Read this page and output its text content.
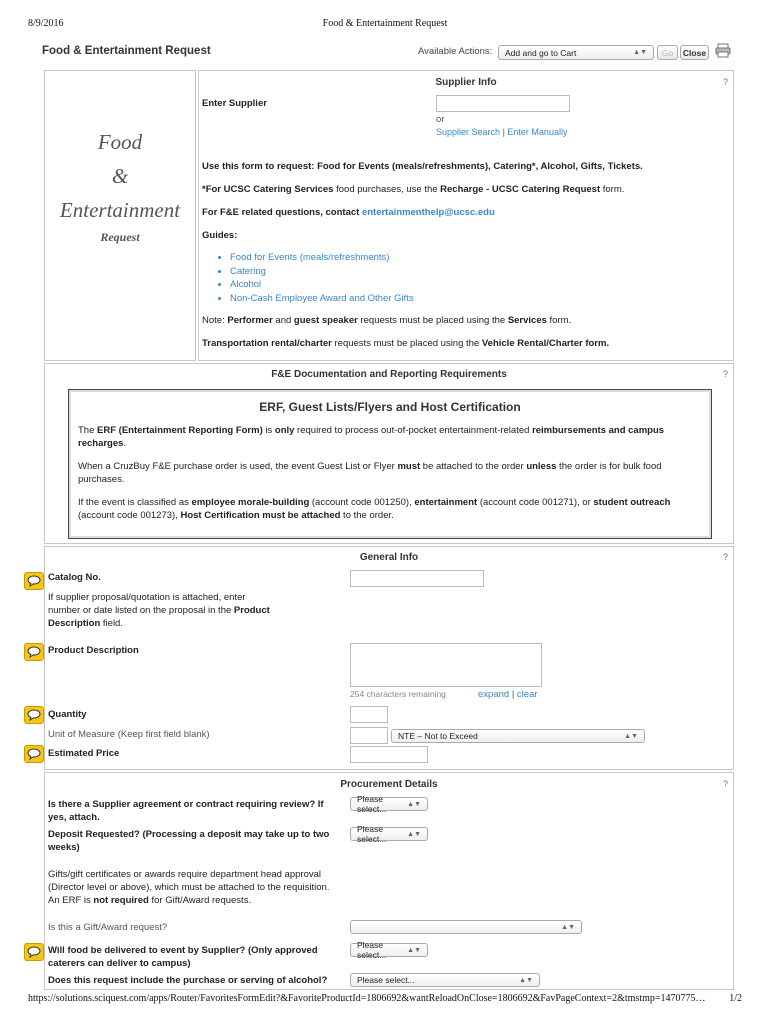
8/9/2016	Food & Entertainment Request
Food & Entertainment Request	Available Actions: Add and go to Cart	▲▼	Go	Close
Food
&
Entertainment
Request
Supplier Info	?
Enter Supplier
or
Supplier Search | Enter Manually
Use this form to request: Food for Events (meals/refreshments), Catering*, Alcohol, Gifts, Tickets.
*For UCSC Catering Services food purchases, use the Recharge - UCSC Catering Request form.
For F&E related questions, contact entertainmenthelp@ucsc.edu
Guides:
• Food for Events (meals/refreshments)
• Catering
• Alcohol
• Non-Cash Employee Award and Other Gifts
Note: Performer and guest speaker requests must be placed using the Services form.
Transportation rental/charter requests must be placed using the Vehicle Rental/Charter form.
F&E Documentation and Reporting Requirements	?
ERF, Guest Lists/Flyers and Host Certification
The ERF (Entertainment Reporting Form) is only required to process out-of-pocket entertainment-related reimbursements and campus recharges.
When a CruzBuy F&E purchase order is used, the event Guest List or Flyer must be attached to the order unless the order is for bulk food purchases.
If the event is classified as employee morale-building (account code 001250), entertainment (account code 001271), or student outreach (account code 001273), Host Certification must be attached to the order.
General Info	?
Catalog No.
If supplier proposal/quotation is attached, enter number or date listed on the proposal in the Product Description field.
Product Description
254 characters remaining	expand | clear
Quantity
Unit of Measure (Keep first field blank)	NTE – Not to Exceed	▲▼
Estimated Price
Procurement Details	?
Is there a Supplier agreement or contract requiring review? If yes, attach.
Please select...	▲▼
Deposit Requested? (Processing a deposit may take up to two weeks)
Please select...	▲▼
Gifts/gift certificates or awards require department head approval (Director level or above), which must be attached to the requisition. An ERF is not required for Gift/Award requests.
Is this a Gift/Award request?	▲▼
Will food be delivered to event by Supplier? (Only approved caterers can deliver to campus)
Please select...	▲▼
Does this request include the purchase or serving of alcohol?	Please select...	▲▼
https://solutions.sciquest.com/apps/Router/FavoritesFormEdit?&FavoriteProductId=1806692&wantReloadOnClose=1806692&FavPageContext=2&tmstmp=1470775… 1/2
